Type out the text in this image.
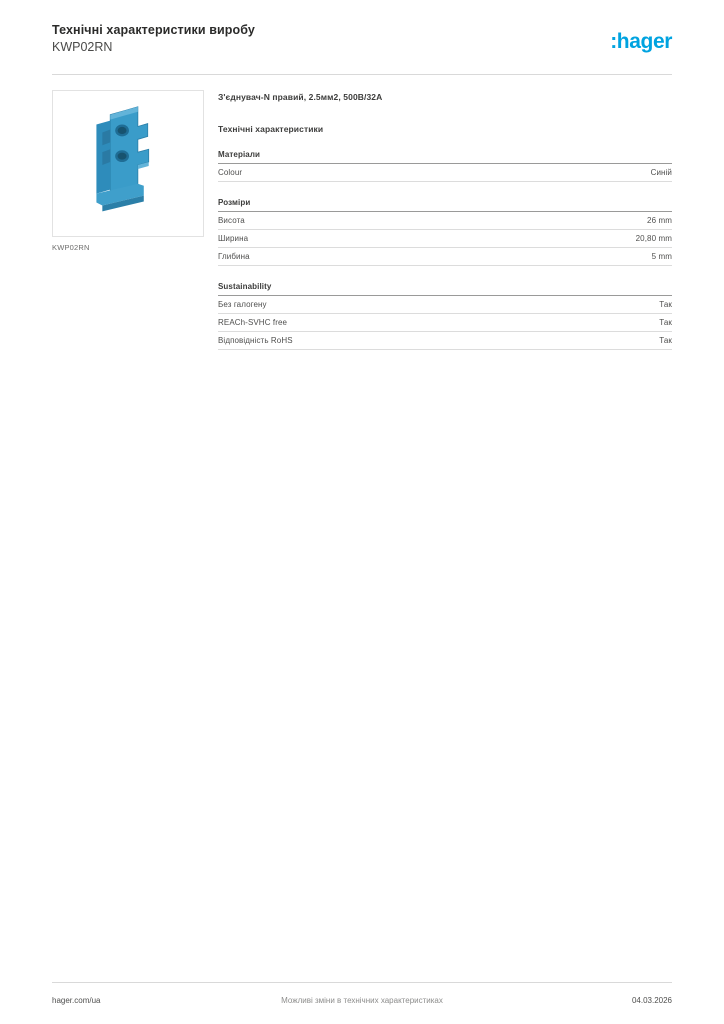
Технічні характеристики виробу
KWP02RN	:hager
KWP02RN
З'єднувач-N правий, 2.5мм2, 500В/32А
Технічні характеристики
Матеріали
Colour	Синій
Розміри
Висота	26 mm
Ширина	20,80 mm
Глибина	5 mm
Sustainability
Без галогену	Так
REACh-SVHC free	Так
Відповідність RoHS	Так
hager.com/ua	Можливі зміни в технічних характеристиках	04.03.2026
